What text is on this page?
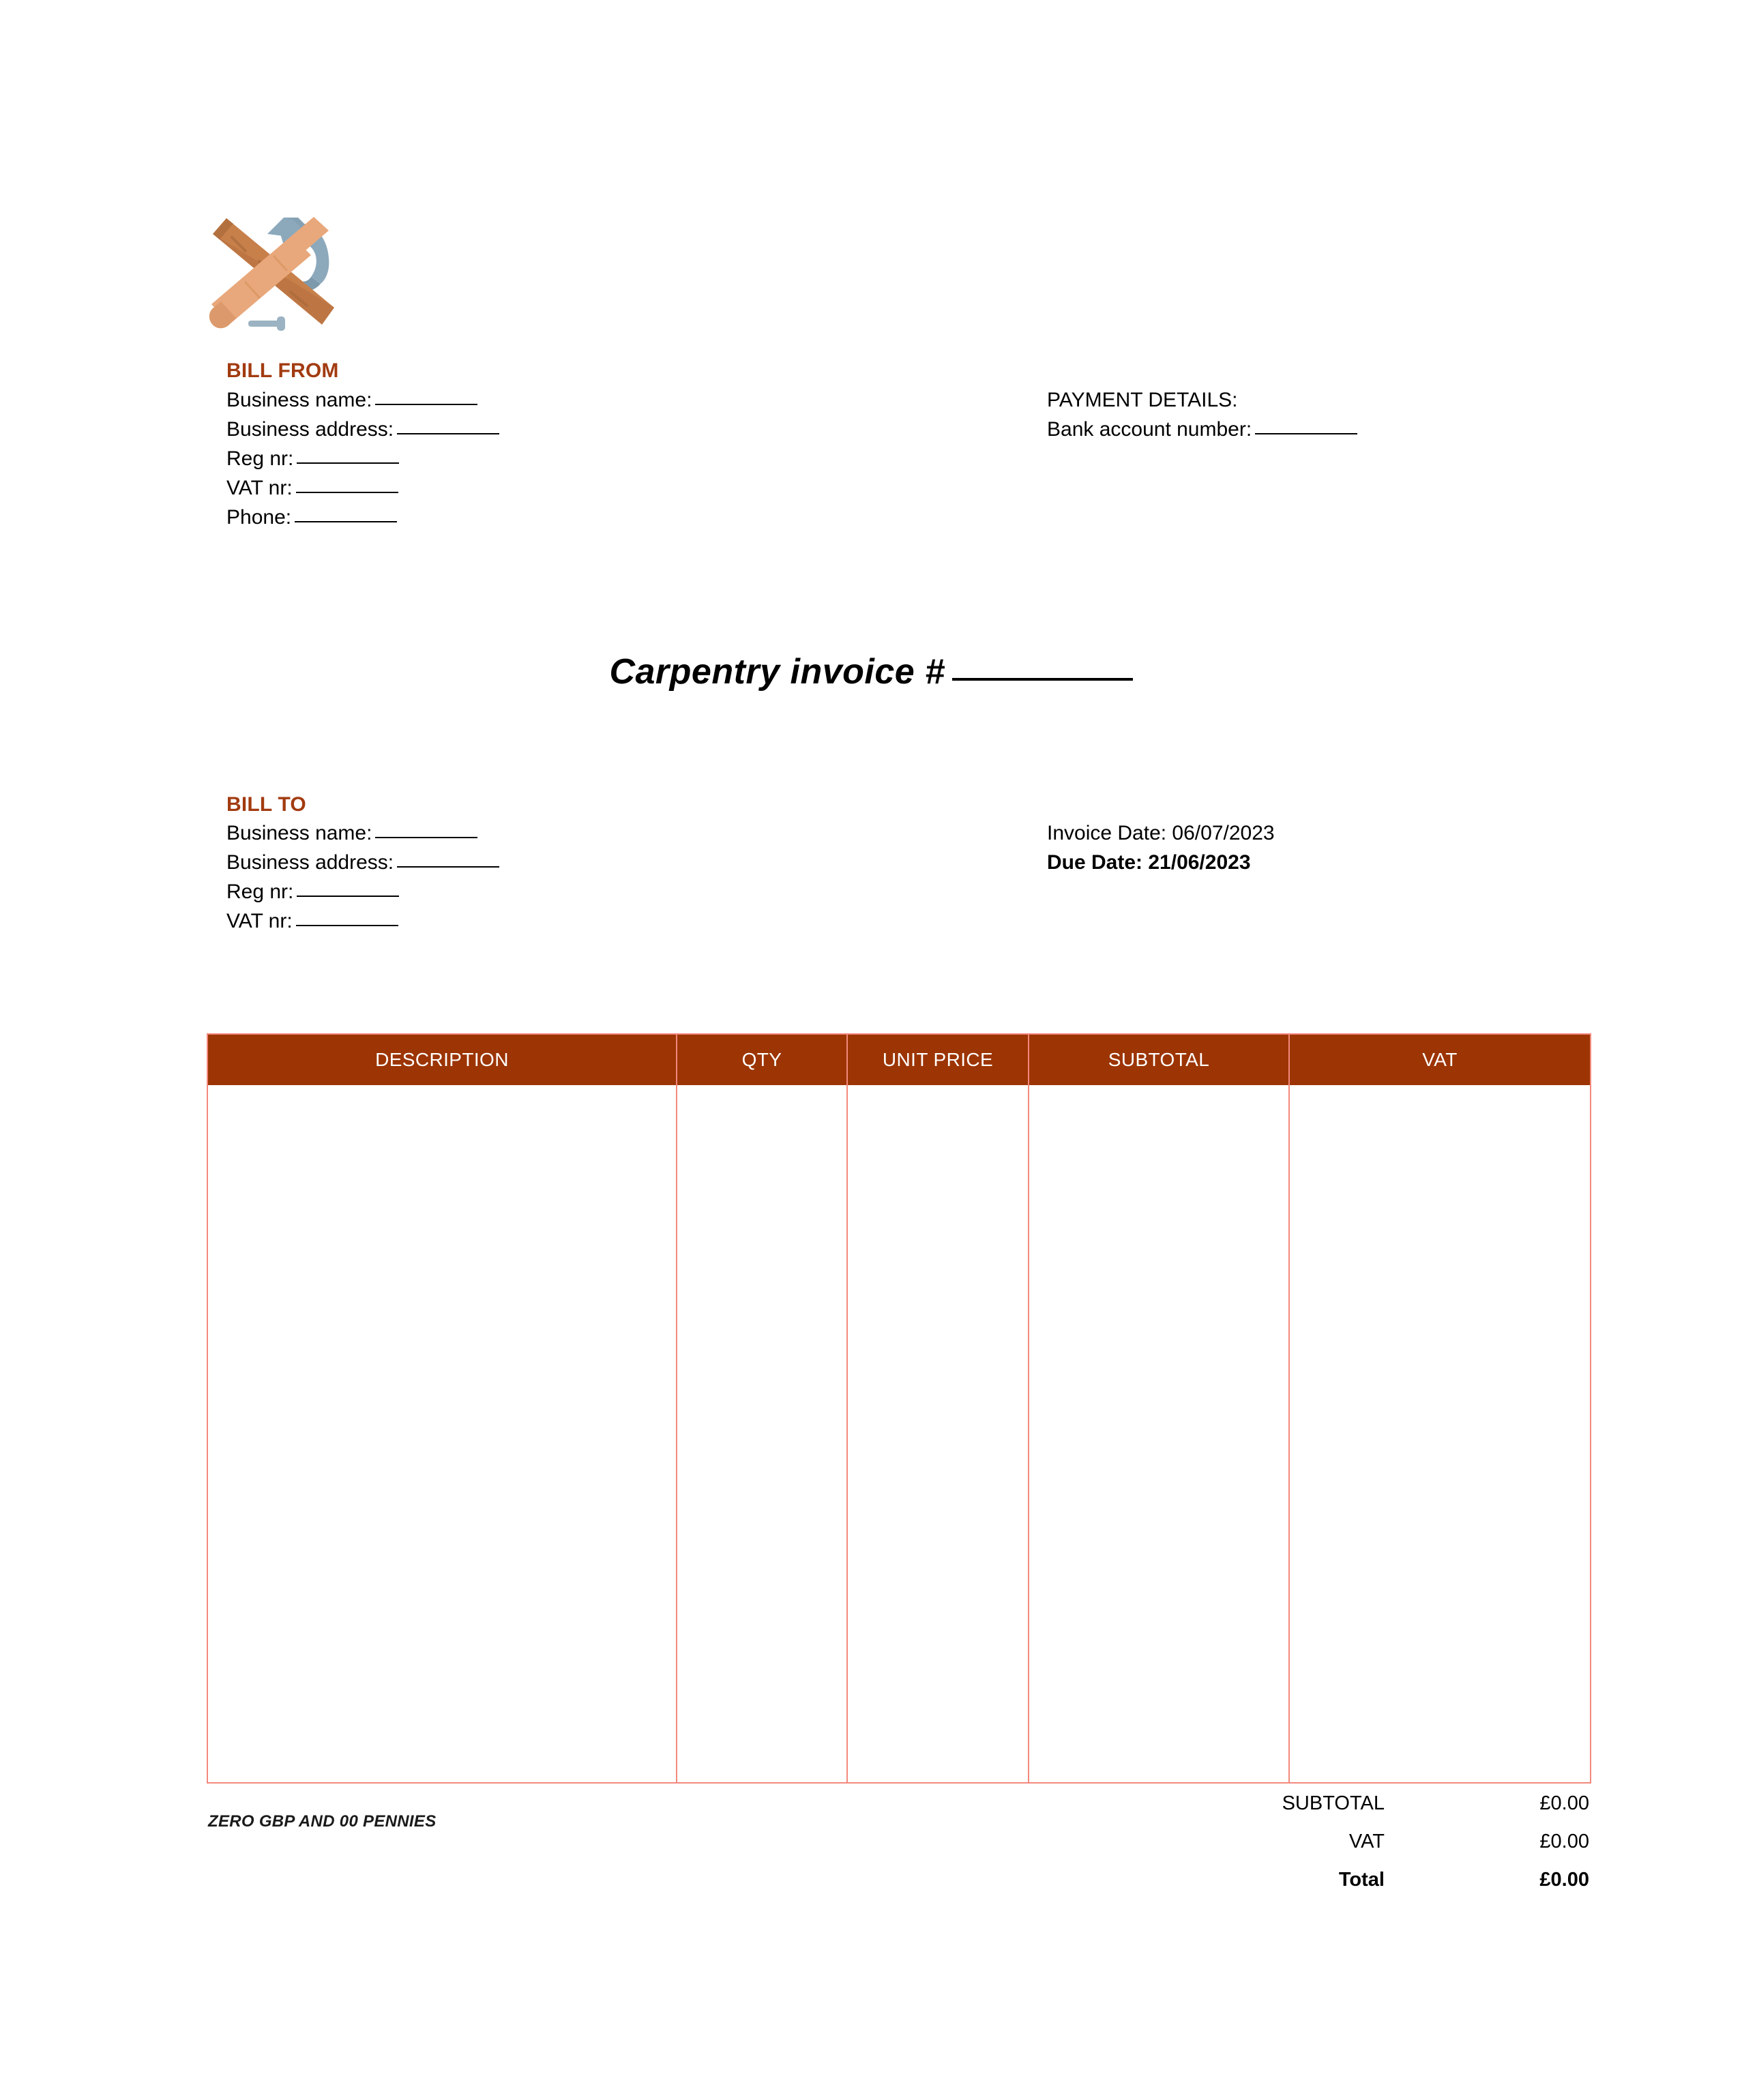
BILL FROM
Business name:
Business address:
Reg nr:
VAT nr:
Phone:
PAYMENT DETAILS:
Bank account number:
Carpentry invoice #
BILL TO
Business name:
Business address:
Reg nr:
VAT nr:
Invoice Date: 06/07/2023
Due Date: 21/06/2023
DESCRIPTION	QTY	UNIT PRICE	SUBTOTAL	VAT

ZERO GBP AND 00 PENNIES
SUBTOTAL	£0.00
VAT	£0.00
Total	£0.00
